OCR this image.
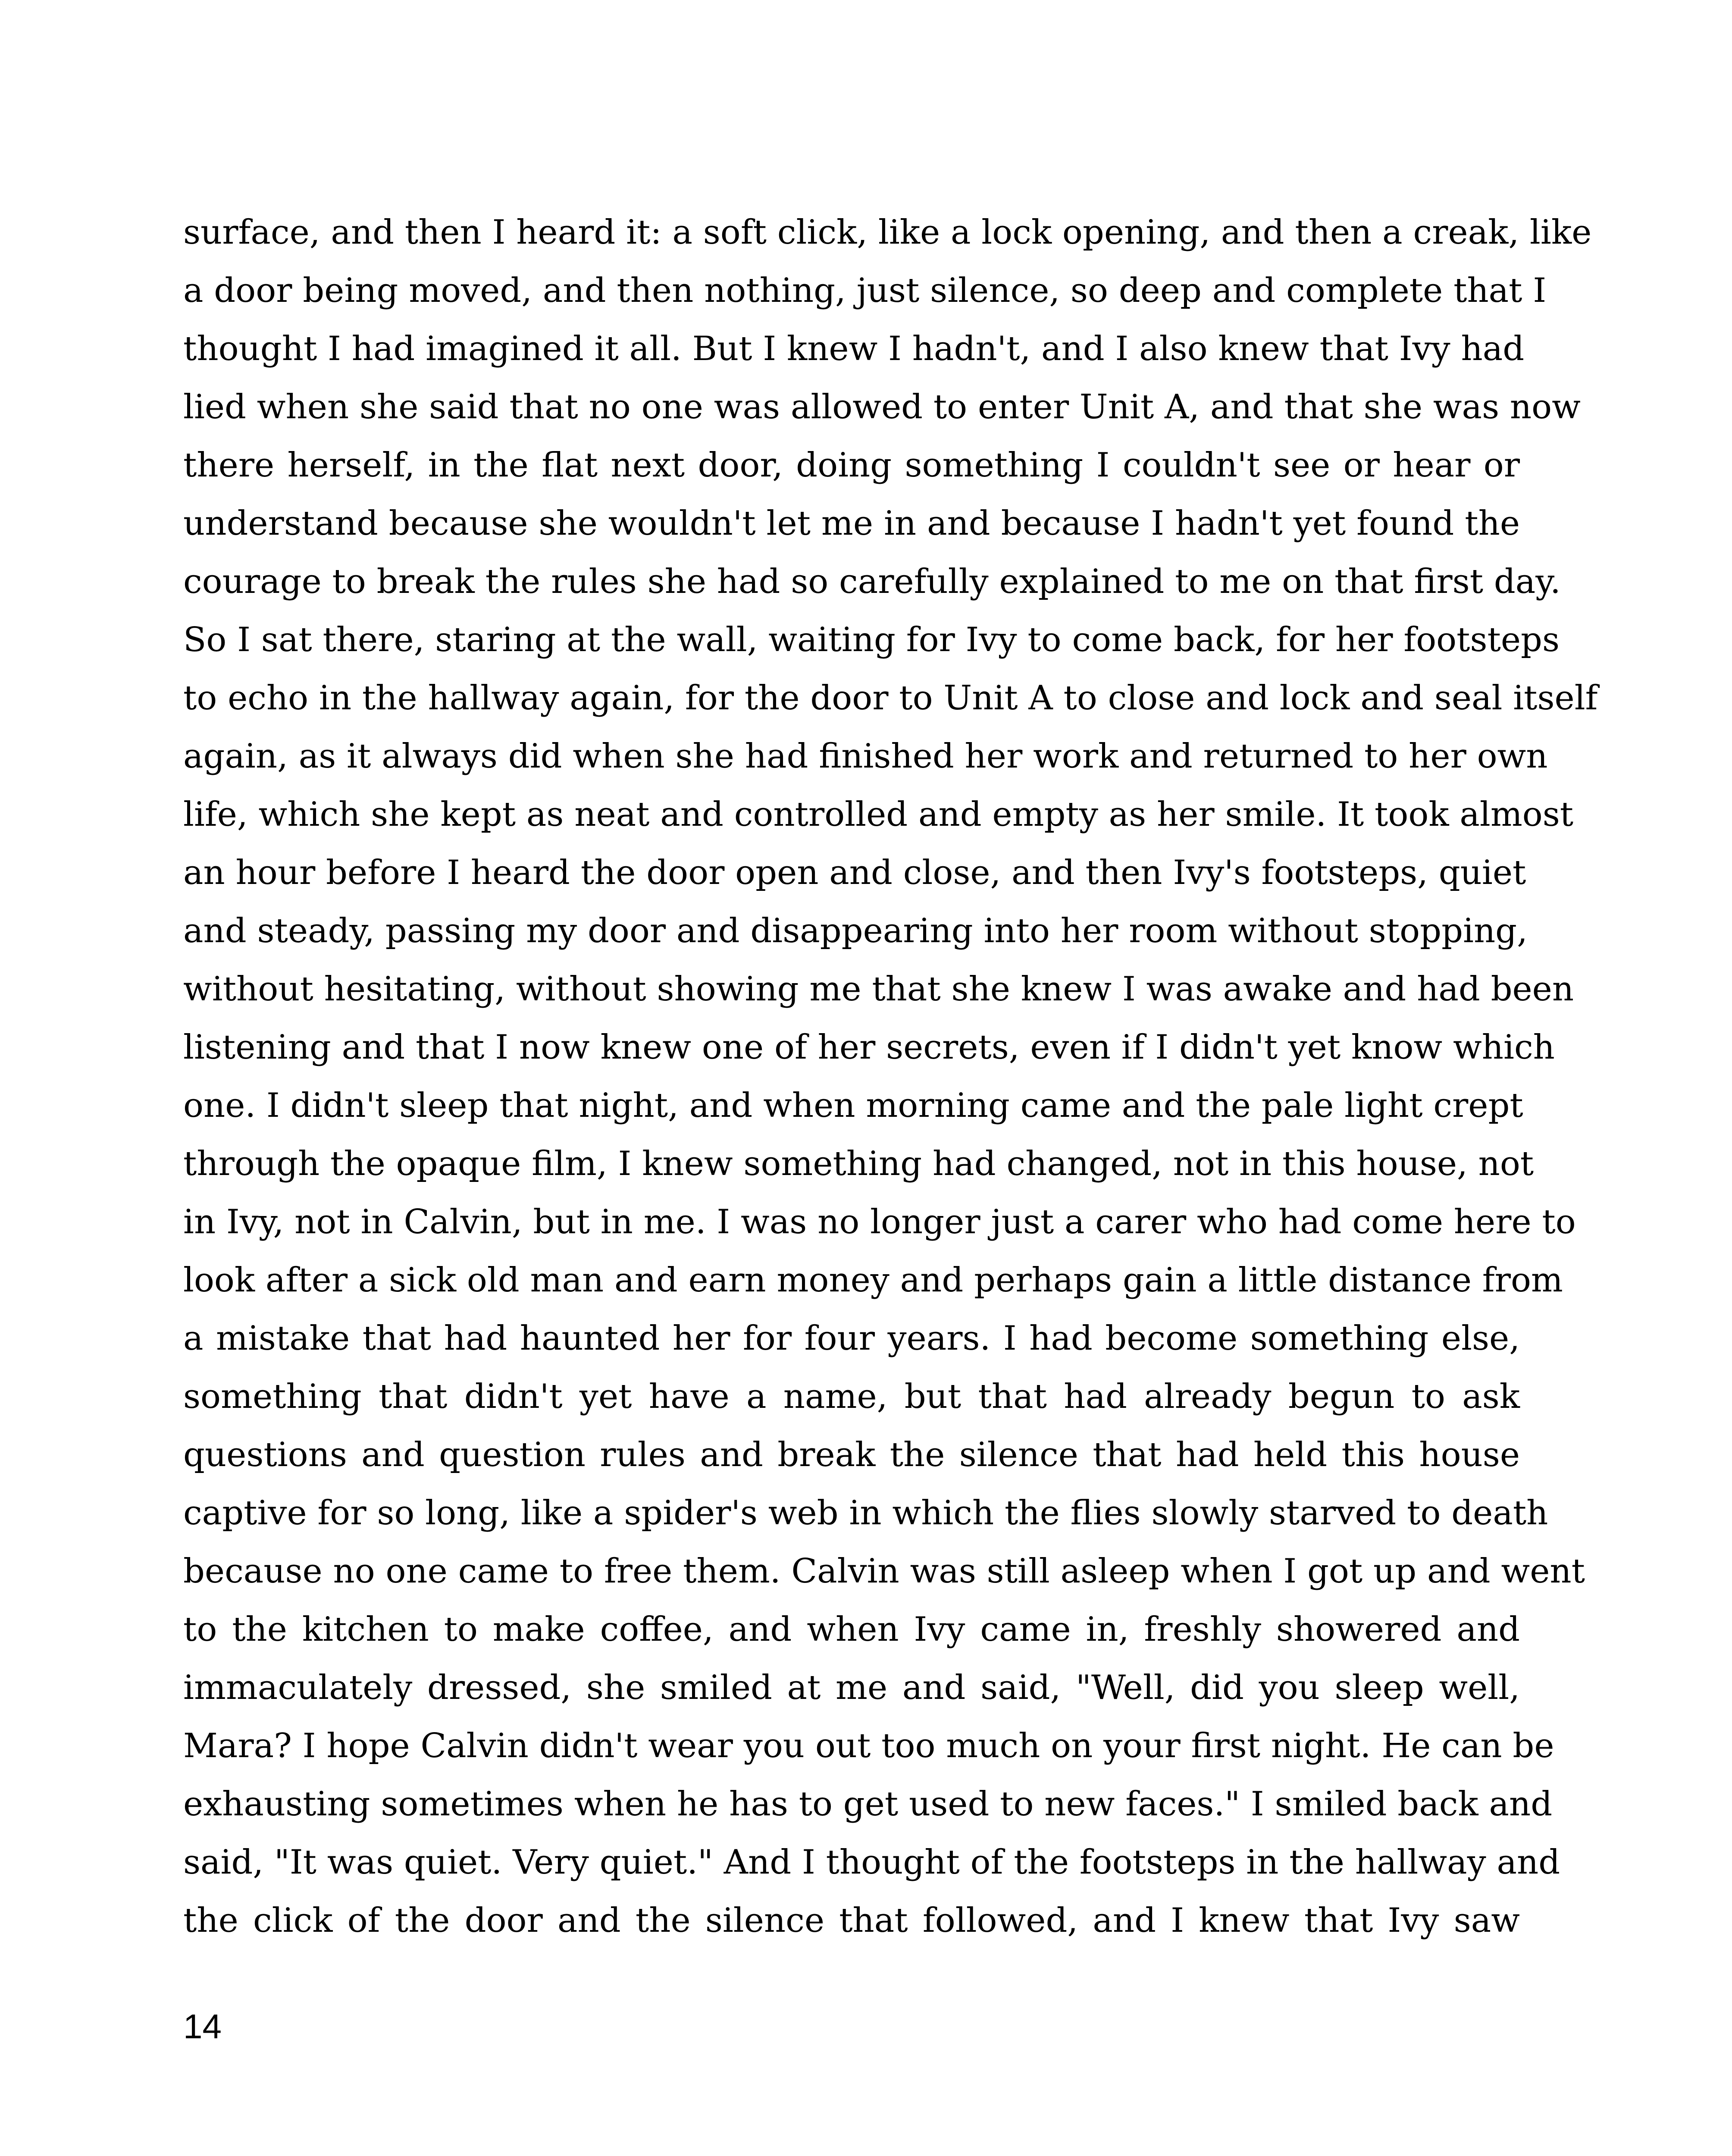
surface, and then I heard it: a soft click, like a lock opening, and then a creak, like
a door being moved, and then nothing, just silence, so deep and complete that I
thought I had imagined it all. But I knew I hadn't, and I also knew that Ivy had
lied when she said that no one was allowed to enter Unit A, and that she was now
there herself, in the flat next door, doing something I couldn't see or hear or
understand because she wouldn't let me in and because I hadn't yet found the
courage to break the rules she had so carefully explained to me on that first day.
So I sat there, staring at the wall, waiting for Ivy to come back, for her footsteps
to echo in the hallway again, for the door to Unit A to close and lock and seal itself
again, as it always did when she had finished her work and returned to her own
life, which she kept as neat and controlled and empty as her smile. It took almost
an hour before I heard the door open and close, and then Ivy's footsteps, quiet
and steady, passing my door and disappearing into her room without stopping,
without hesitating, without showing me that she knew I was awake and had been
listening and that I now knew one of her secrets, even if I didn't yet know which
one. I didn't sleep that night, and when morning came and the pale light crept
through the opaque film, I knew something had changed, not in this house, not
in Ivy, not in Calvin, but in me. I was no longer just a carer who had come here to
look after a sick old man and earn money and perhaps gain a little distance from
a mistake that had haunted her for four years. I had become something else,
something that didn't yet have a name, but that had already begun to ask
questions and question rules and break the silence that had held this house
captive for so long, like a spider's web in which the flies slowly starved to death
because no one came to free them. Calvin was still asleep when I got up and went
to the kitchen to make coffee, and when Ivy came in, freshly showered and
immaculately dressed, she smiled at me and said, "Well, did you sleep well,
Mara? I hope Calvin didn't wear you out too much on your first night. He can be
exhausting sometimes when he has to get used to new faces." I smiled back and
said, "It was quiet. Very quiet." And I thought of the footsteps in the hallway and
the click of the door and the silence that followed, and I knew that Ivy saw
14
